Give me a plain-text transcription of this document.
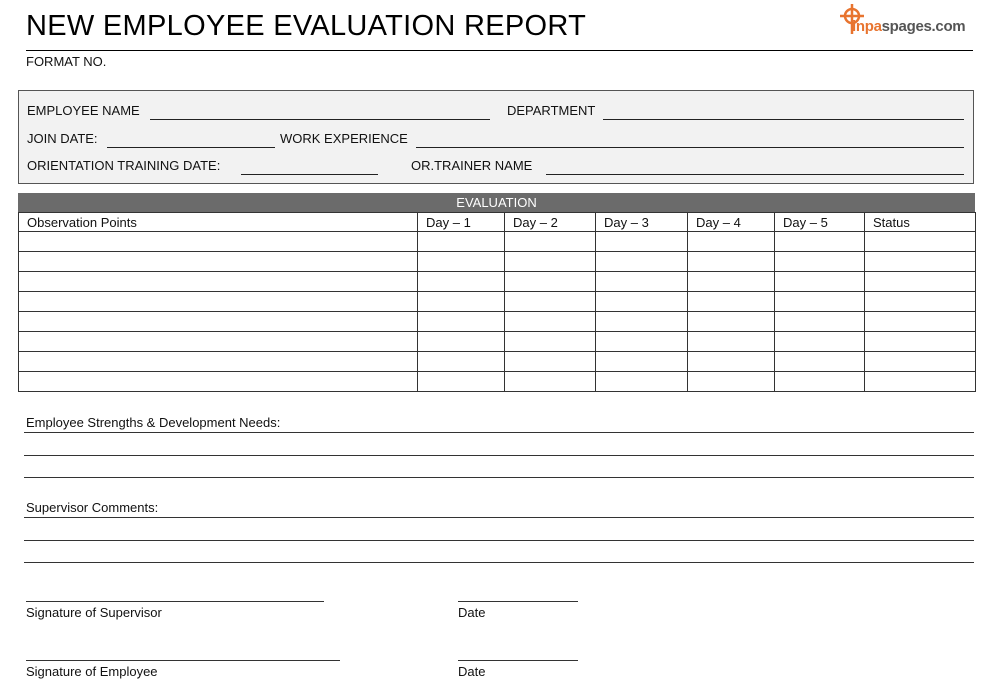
NEW EMPLOYEE EVALUATION REPORT
FORMAT NO.
inpaspages.com
EMPLOYEE NAME	DEPARTMENT
JOIN DATE:	WORK EXPERIENCE
ORIENTATION TRAINING DATE:	OR.TRAINER NAME
EVALUATION
Observation Points	Day – 1	Day – 2	Day – 3	Day – 4	Day – 5	Status

Employee Strengths & Development Needs:
Supervisor Comments:
Signature of Supervisor	Date
Signature of Employee	Date
